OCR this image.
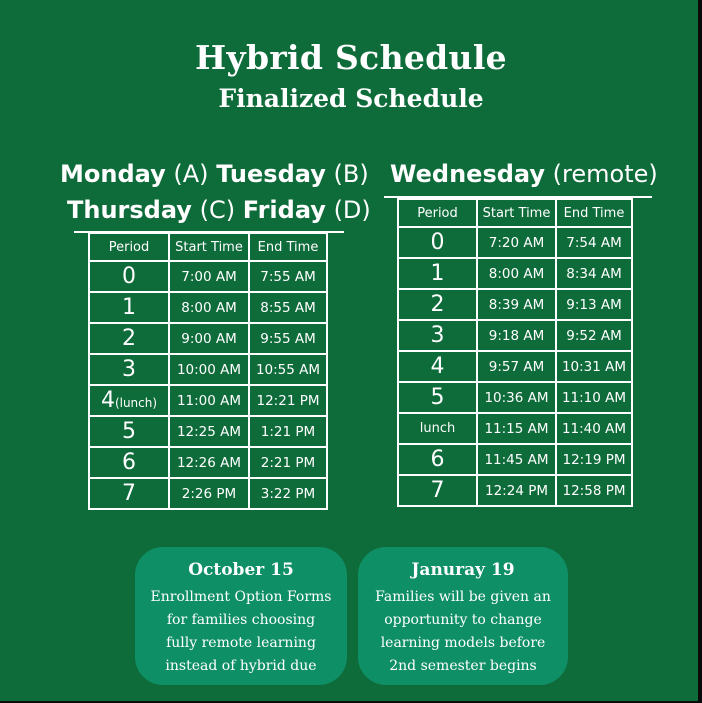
Hybrid Schedule
Finalized Schedule
Monday (A) Tuesday (B)
Thursday (C) Friday (D)
Wednesday (remote)
Period	Start Time	End Time
0	7:00 AM	7:55 AM
1	8:00 AM	8:55 AM
2	9:00 AM	9:55 AM
3	10:00 AM	10:55 AM
4(lunch)	11:00 AM	12:21 PM
5	12:25 AM	1:21 PM
6	12:26 AM	2:21 PM
7	2:26 PM	3:22 PM
Period	Start Time	End Time
0	7:20 AM	7:54 AM
1	8:00 AM	8:34 AM
2	8:39 AM	9:13 AM
3	9:18 AM	9:52 AM
4	9:57 AM	10:31 AM
5	10:36 AM	11:10 AM
lunch	11:15 AM	11:40 AM
6	11:45 AM	12:19 PM
7	12:24 PM	12:58 PM
October 15
Enrollment Option Forms
for families choosing
fully remote learning
instead of hybrid due
Januray 19
Families will be given an
opportunity to change
learning models before
2nd semester begins
